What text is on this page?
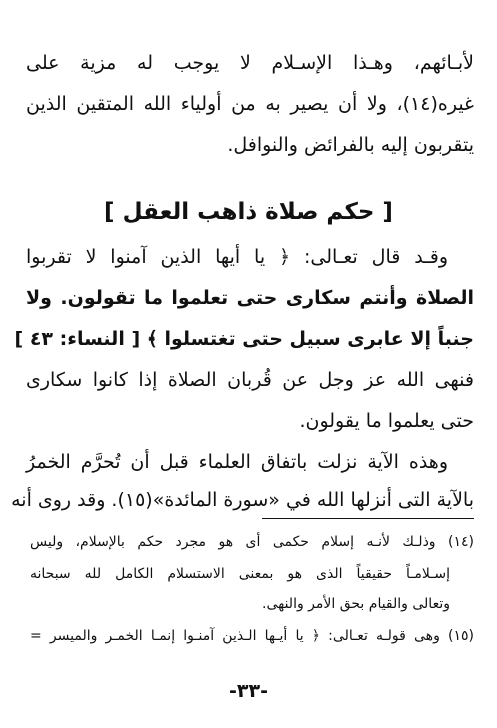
لأبـائهم، وهـذا الإسـلام لا يوجب له مزية على
غيره(١٤)، ولا أن يصير به من أولياء الله المتقين الذين
يتقربون إليه بالفرائض والنوافل.
[ حكم صلاة ذاهب العقل ]
وقـد قال تعـالى: ﴿ يا أيها الذين آمنوا لا تقربوا
الصلاة وأنتم سكارى حتى تعلموا ما تقولون. ولا
جنباً إلا عابرى سبيل حتى تغتسلوا ﴾ [ النساء: ٤٣ ]
فنهى الله عز وجل عن قُربان الصلاة إذا كانوا سكارى
حتى يعلموا ما يقولون.
وهذه الآية نزلت باتفاق العلماء قبل أن تُحرَّم الخمرُ
بالآية التى أنزلها الله في «سورة المائدة»(١٥). وقد روى أنه
(١٤) وذلـك لأنـه إسلام حكمى أى هو مجرد حكم بالإسلام، وليس
إسـلامـاً حقيقياً الذى هو بمعنى الاستسلام الكامل لله سبحانه
وتعالى والقيام بحق الأمر والنهى.
(١٥) وهى قولـه تعـالى: ﴿ يا أيـها الـذين آمنـوا إنمـا الخمـر والميسر =
-٣٣-
